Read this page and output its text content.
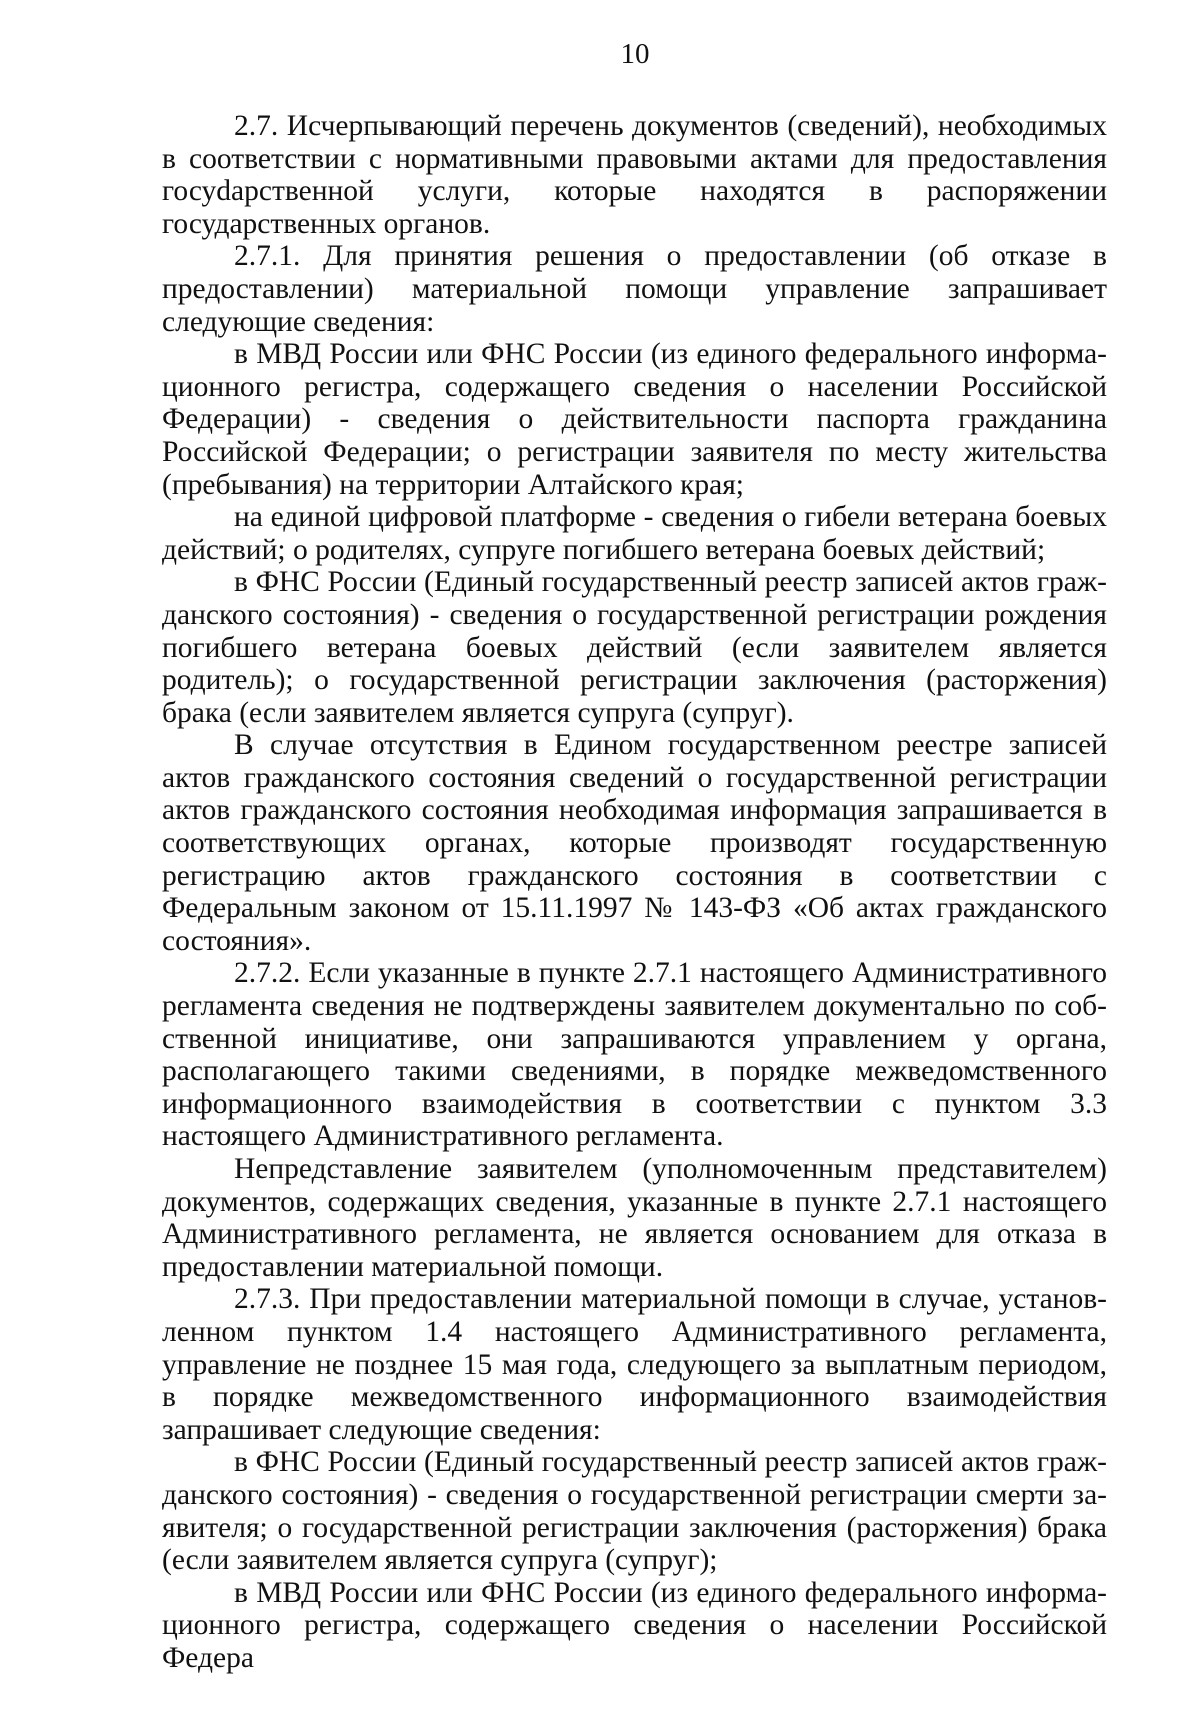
10

2.7. Исчерпывающий перечень документов (сведений), необходимых в соответствии с нормативными правовыми актами для предоставления госуdарственной услуги, которые находятся в распоряжении государственных органов.

2.7.1. Для принятия решения о предоставлении (об отказе в предоставлении) материальной помощи управление запрашивает следующие сведения:

в МВД России или ФНС России (из единого федерального информационного регистра, содержащего сведения о населении Российской Федерации) - сведения о действительности паспорта гражданина Российской Федерации; о регистрации заявителя по месту жительства (пребывания) на территории Алтайского края;

на единой цифровой платформе - сведения о гибели ветерана боевых действий; о родителях, супруге погибшего ветерана боевых действий;

в ФНС России (Единый государственный реестр записей актов гражданского состояния) - сведения о государственной регистрации рождения погибшего ветерана боевых действий (если заявителем является родитель); о государственной регистрации заключения (расторжения) брака (если заявителем является супруга (супруг).

В случае отсутствия в Едином государственном реестре записей актов гражданского состояния сведений о государственной регистрации актов гражданского состояния необходимая информация запрашивается в соответствующих органах, которые производят государственную регистрацию актов гражданского состояния в соответствии с Федеральным законом от 15.11.1997 № 143-ФЗ «Об актах гражданского состояния».

2.7.2. Если указанные в пункте 2.7.1 настоящего Административного регламента сведения не подтверждены заявителем документально по собственной инициативе, они запрашиваются управлением у органа, располагающего такими сведениями, в порядке межведомственного информационного взаимодействия в соответствии с пунктом 3.3 настоящего Административного регламента.

Непредставление заявителем (уполномоченным представителем) документов, содержащих сведения, указанные в пункте 2.7.1 настоящего Административного регламента, не является основанием для отказа в предоставлении материальной помощи.

2.7.3. При предоставлении материальной помощи в случае, установленном пунктом 1.4 настоящего Административного регламента, управление не позднее 15 мая года, следующего за выплатным периодом, в порядке межведомственного информационного взаимодействия запрашивает следующие сведения:

в ФНС России (Единый государственный реестр записей актов гражданского состояния) - сведения о государственной регистрации смерти заявителя; о государственной регистрации заключения (расторжения) брака (если заявителем является супруга (супруг);

в МВД России или ФНС России (из единого федерального информационного регистра, содержащего сведения о населении Российской Федера
